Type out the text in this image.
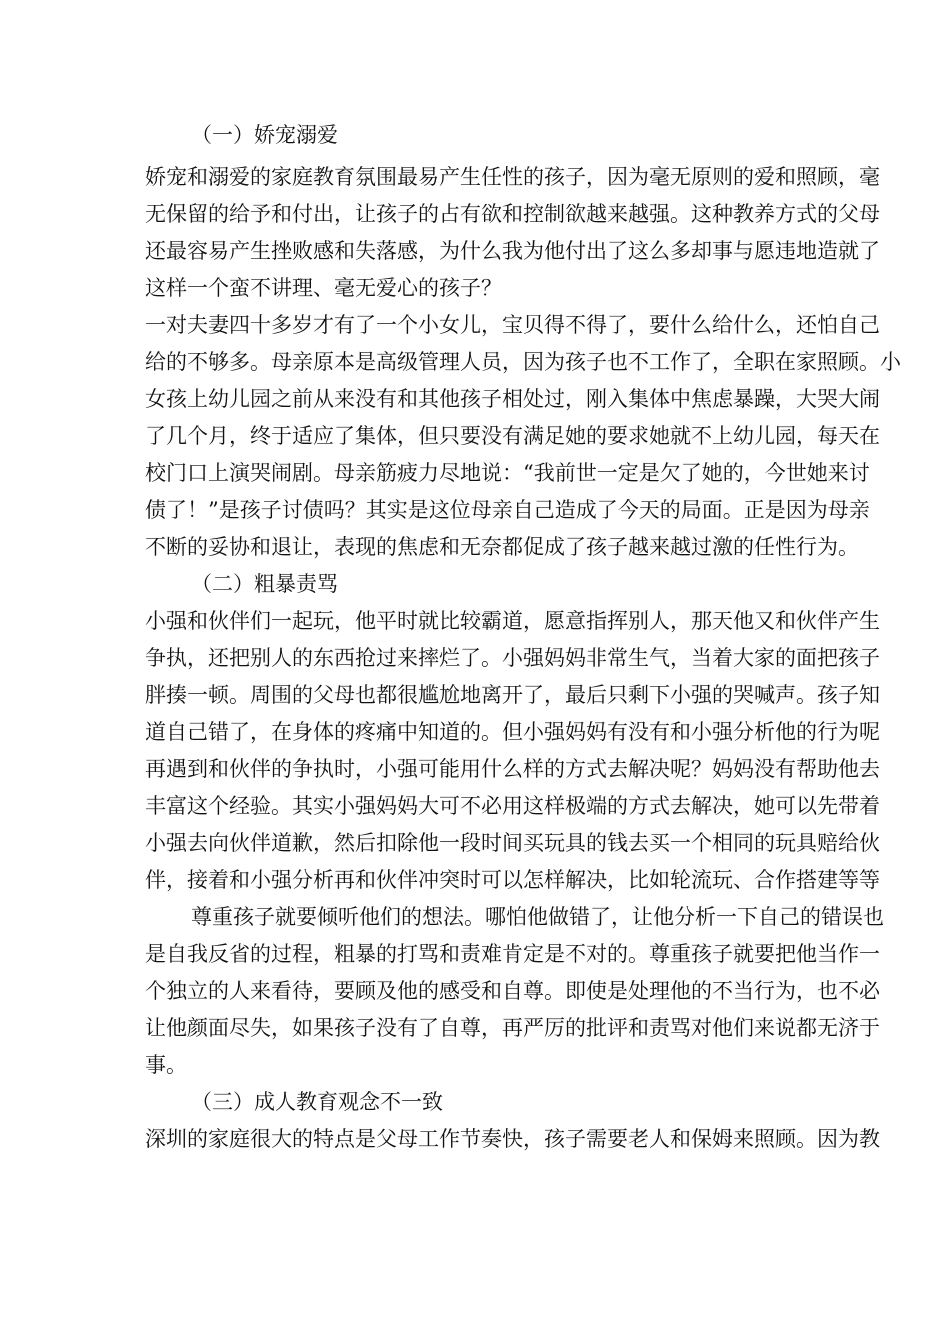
（一）娇宠溺爱
娇宠和溺爱的家庭教育氛围最易产生任性的孩子，因为毫无原则的爱和照顾，毫
无保留的给予和付出，让孩子的占有欲和控制欲越来越强。这种教养方式的父母
还最容易产生挫败感和失落感，为什么我为他付出了这么多却事与愿违地造就了
这样一个蛮不讲理、毫无爱心的孩子？
一对夫妻四十多岁才有了一个小女儿，宝贝得不得了，要什么给什么，还怕自己
给的不够多。母亲原本是高级管理人员，因为孩子也不工作了，全职在家照顾。小
女孩上幼儿园之前从来没有和其他孩子相处过，刚入集体中焦虑暴躁，大哭大闹
了几个月，终于适应了集体，但只要没有满足她的要求她就不上幼儿园，每天在
校门口上演哭闹剧。母亲筋疲力尽地说：“我前世一定是欠了她的，今世她来讨
债了！”是孩子讨债吗？其实是这位母亲自己造成了今天的局面。正是因为母亲
不断的妥协和退让，表现的焦虑和无奈都促成了孩子越来越过激的任性行为。
（二）粗暴责骂
小强和伙伴们一起玩，他平时就比较霸道，愿意指挥别人，那天他又和伙伴产生
争执，还把别人的东西抢过来摔烂了。小强妈妈非常生气，当着大家的面把孩子
胖揍一顿。周围的父母也都很尴尬地离开了，最后只剩下小强的哭喊声。孩子知
道自己错了，在身体的疼痛中知道的。但小强妈妈有没有和小强分析他的行为呢
再遇到和伙伴的争执时，小强可能用什么样的方式去解决呢？妈妈没有帮助他去
丰富这个经验。其实小强妈妈大可不必用这样极端的方式去解决，她可以先带着
小强去向伙伴道歉，然后扣除他一段时间买玩具的钱去买一个相同的玩具赔给伙
伴，接着和小强分析再和伙伴冲突时可以怎样解决，比如轮流玩、合作搭建等等
尊重孩子就要倾听他们的想法。哪怕他做错了，让他分析一下自己的错误也
是自我反省的过程，粗暴的打骂和责难肯定是不对的。尊重孩子就要把他当作一
个独立的人来看待，要顾及他的感受和自尊。即使是处理他的不当行为，也不必
让他颜面尽失，如果孩子没有了自尊，再严厉的批评和责骂对他们来说都无济于
事。
（三）成人教育观念不一致
深圳的家庭很大的特点是父母工作节奏快，孩子需要老人和保姆来照顾。因为教
